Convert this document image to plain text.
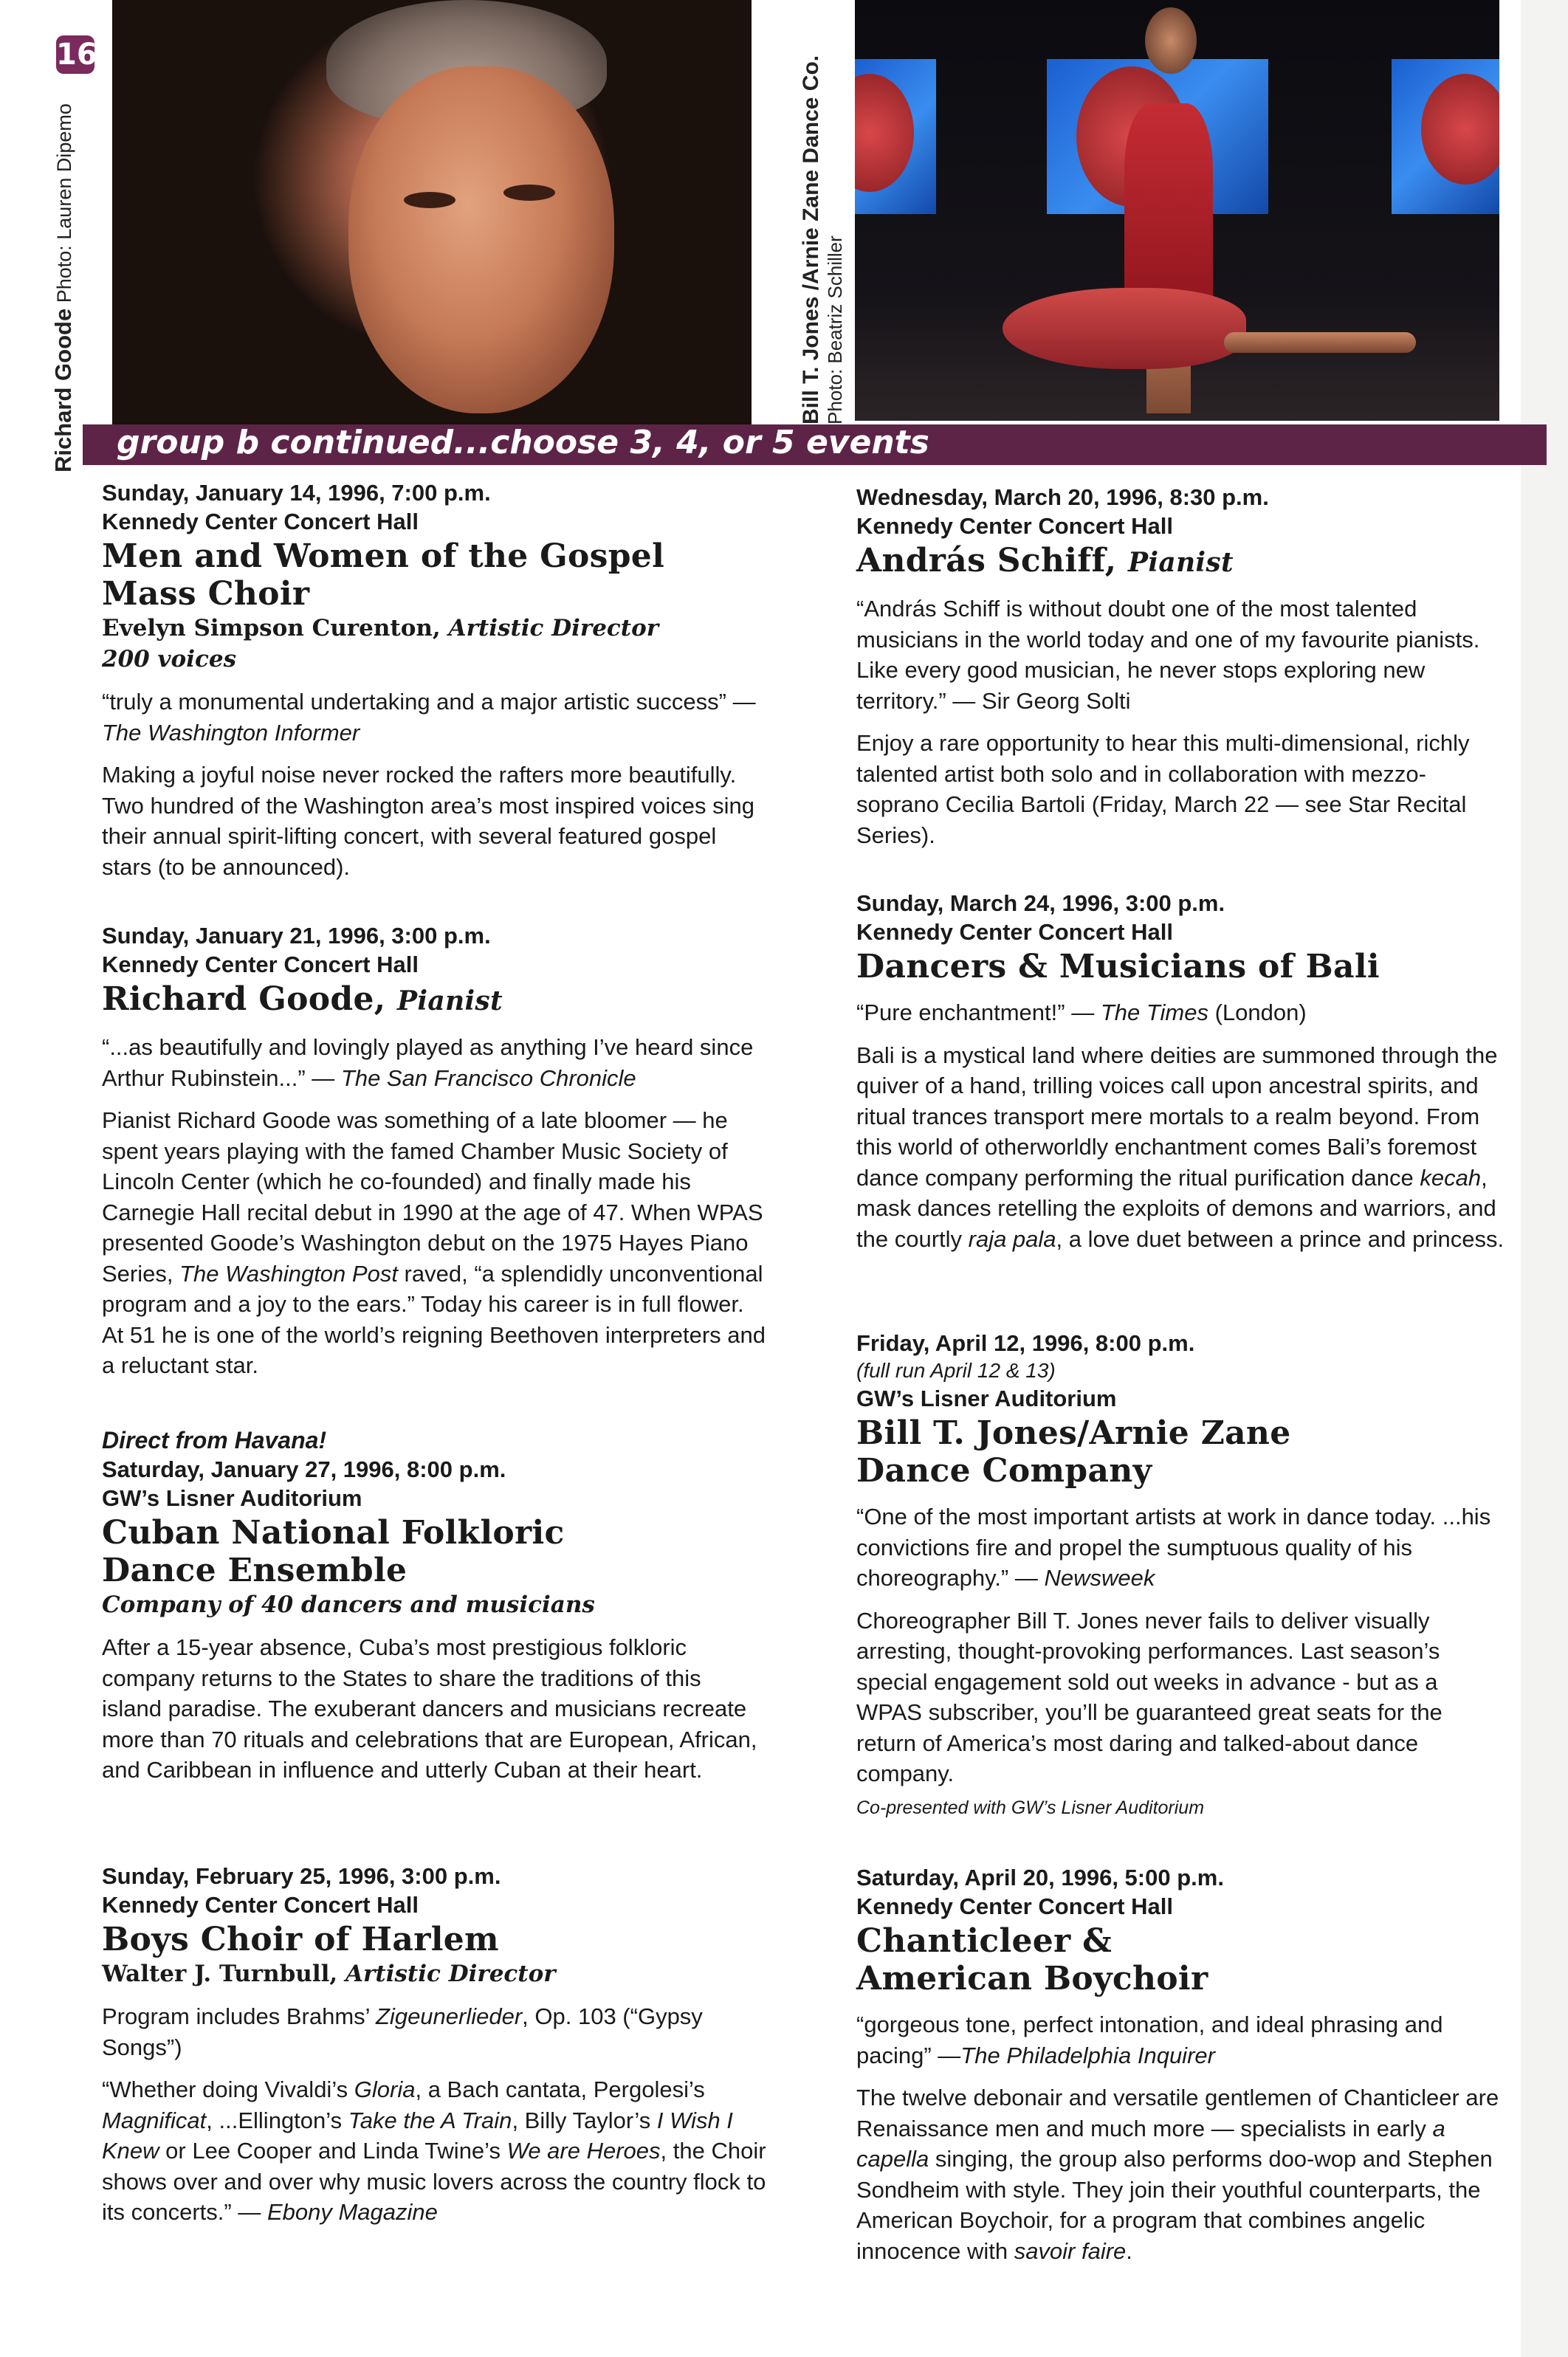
16
Richard Goode Photo: Lauren Dipemo	Bill T. Jones /Arnie Zane Dance Co. Photo: Beatriz Schiller
group b continued...choose 3, 4, or 5 events

Sunday, January 14, 1996, 7:00 p.m.

Kennedy Center Concert Hall

Men and Women of the Gospel
Mass Choir

Evelyn Simpson Curenton, Artistic Director

200 voices

“truly a monumental undertaking and a major artistic success” — The Washington Informer

Making a joyful noise never rocked the rafters more beautifully. Two hundred of the Washington area’s most inspired voices sing their annual spirit-lifting concert, with several featured gospel stars (to be announced).

Sunday, January 21, 1996, 3:00 p.m.

Kennedy Center Concert Hall

Richard Goode, Pianist

“...as beautifully and lovingly played as anything I’ve heard since Arthur Rubinstein...” — The San Francisco Chronicle

Pianist Richard Goode was something of a late bloomer — he spent years playing with the famed Chamber Music Society of Lincoln Center (which he co-founded) and finally made his Carnegie Hall recital debut in 1990 at the age of 47. When WPAS presented Goode’s Washington debut on the 1975 Hayes Piano Series, The Washington Post raved, “a splendidly unconventional program and a joy to the ears.” Today his career is in full flower. At 51 he is one of the world’s reigning Beethoven interpreters and a reluctant star.

Direct from Havana!

Saturday, January 27, 1996, 8:00 p.m.

GW’s Lisner Auditorium

Cuban National Folkloric
Dance Ensemble

Company of 40 dancers and musicians

After a 15-year absence, Cuba’s most prestigious folkloric company returns to the States to share the traditions of this island paradise. The exuberant dancers and musicians recreate more than 70 rituals and celebrations that are European, African, and Caribbean in influence and utterly Cuban at their heart.

Sunday, February 25, 1996, 3:00 p.m.

Kennedy Center Concert Hall

Boys Choir of Harlem

Walter J. Turnbull, Artistic Director

Program includes Brahms’ Zigeunerlieder, Op. 103 (“Gypsy Songs”)

“Whether doing Vivaldi’s Gloria, a Bach cantata, Pergolesi’s Magnificat, ...Ellington’s Take the A Train, Billy Taylor’s I Wish I Knew or Lee Cooper and Linda Twine’s We are Heroes, the Choir shows over and over why music lovers across the country flock to its concerts.” — Ebony Magazine

Wednesday, March 20, 1996, 8:30 p.m.

Kennedy Center Concert Hall

András Schiff, Pianist

“András Schiff is without doubt one of the most talented musicians in the world today and one of my favourite pianists. Like every good musician, he never stops exploring new territory.” — Sir Georg Solti

Enjoy a rare opportunity to hear this multi-dimensional, richly talented artist both solo and in collaboration with mezzo-soprano Cecilia Bartoli (Friday, March 22 — see Star Recital Series).

Sunday, March 24, 1996, 3:00 p.m.

Kennedy Center Concert Hall

Dancers & Musicians of Bali

“Pure enchantment!” — The Times (London)

Bali is a mystical land where deities are summoned through the quiver of a hand, trilling voices call upon ancestral spirits, and ritual trances transport mere mortals to a realm beyond. From this world of otherworldly enchantment comes Bali’s foremost dance company performing the ritual purification dance kecah, mask dances retelling the exploits of demons and warriors, and the courtly raja pala, a love duet between a prince and princess.

Friday, April 12, 1996, 8:00 p.m.

(full run April 12 & 13)

GW’s Lisner Auditorium

Bill T. Jones/Arnie Zane
Dance Company

“One of the most important artists at work in dance today. ...his convictions fire and propel the sumptuous quality of his choreography.” — Newsweek

Choreographer Bill T. Jones never fails to deliver visually arresting, thought-provoking performances. Last season’s special engagement sold out weeks in advance - but as a WPAS subscriber, you’ll be guaranteed great seats for the return of America’s most daring and talked-about dance company.

Co-presented with GW’s Lisner Auditorium

Saturday, April 20, 1996, 5:00 p.m.

Kennedy Center Concert Hall

Chanticleer &
American Boychoir

“gorgeous tone, perfect intonation, and ideal phrasing and pacing” —The Philadelphia Inquirer

The twelve debonair and versatile gentlemen of Chanticleer are Renaissance men and much more — specialists in early a capella singing, the group also performs doo-wop and Stephen Sondheim with style. They join their youthful counterparts, the American Boychoir, for a program that combines angelic innocence with savoir faire.
